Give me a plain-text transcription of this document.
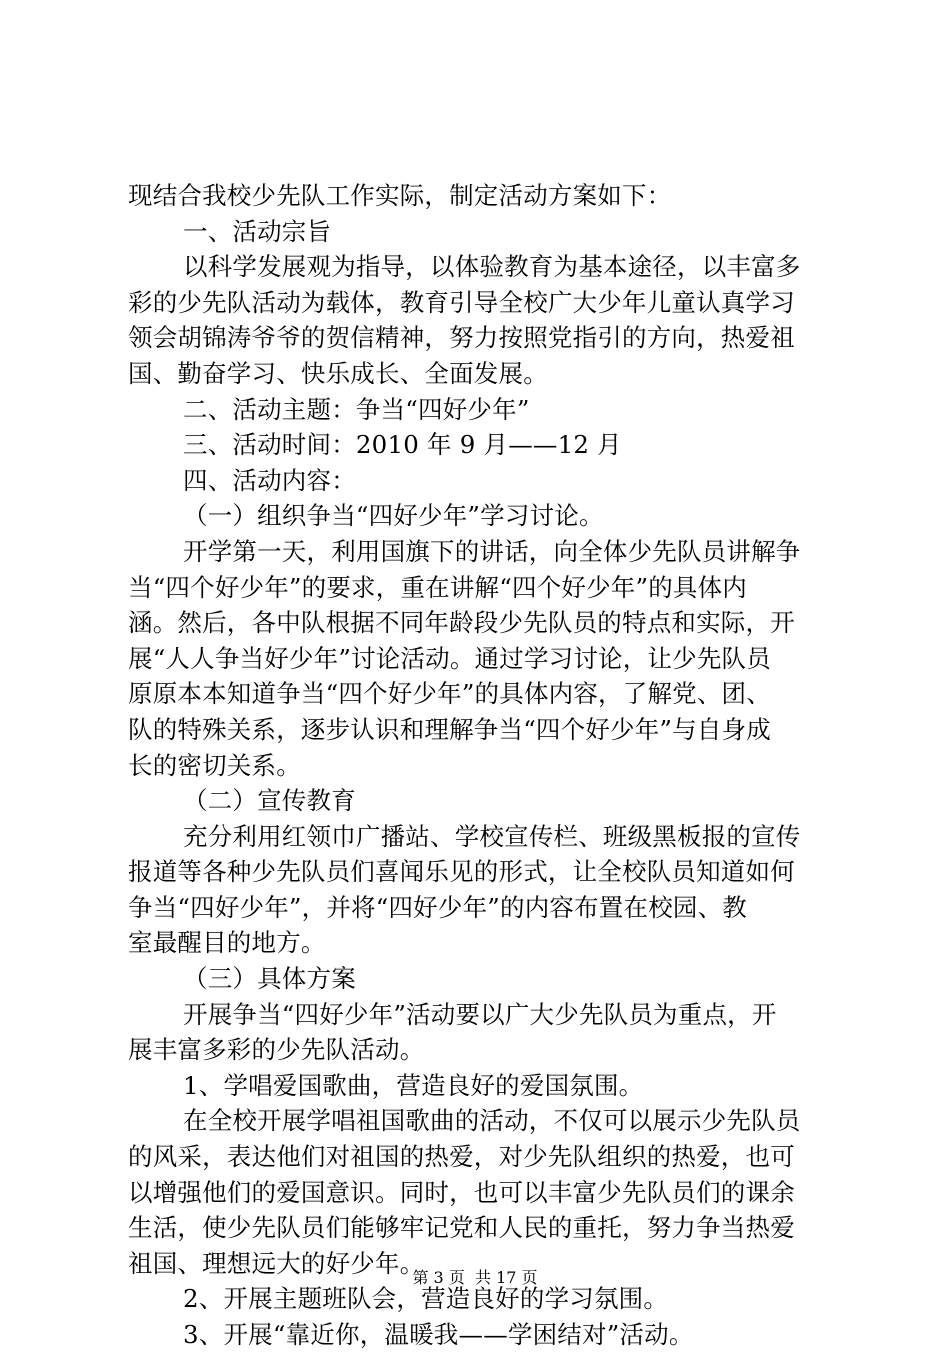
现结合我校少先队工作实际，制定活动方案如下：
一、活动宗旨
以科学发展观为指导，以体验教育为基本途径，以丰富多
彩的少先队活动为载体，教育引导全校广大少年儿童认真学习
领会胡锦涛爷爷的贺信精神，努力按照党指引的方向，热爱祖
国、勤奋学习、快乐成长、全面发展。
二、活动主题：争当“四好少年”
三、活动时间：2010 年 9 月——12 月
四、活动内容：
（一）组织争当“四好少年”学习讨论。
开学第一天，利用国旗下的讲话，向全体少先队员讲解争
当“四个好少年”的要求，重在讲解“四个好少年”的具体内
涵。然后，各中队根据不同年龄段少先队员的特点和实际，开
展“人人争当好少年”讨论活动。通过学习讨论，让少先队员
原原本本知道争当“四个好少年”的具体内容，了解党、团、
队的特殊关系，逐步认识和理解争当“四个好少年”与自身成
长的密切关系。
（二）宣传教育
充分利用红领巾广播站、学校宣传栏、班级黑板报的宣传
报道等各种少先队员们喜闻乐见的形式，让全校队员知道如何
争当“四好少年”，并将“四好少年”的内容布置在校园、教
室最醒目的地方。
（三）具体方案
开展争当“四好少年”活动要以广大少先队员为重点，开
展丰富多彩的少先队活动。
1、学唱爱国歌曲，营造良好的爱国氛围。
在全校开展学唱祖国歌曲的活动，不仅可以展示少先队员
的风采，表达他们对祖国的热爱，对少先队组织的热爱，也可
以增强他们的爱国意识。同时，也可以丰富少先队员们的课余
生活，使少先队员们能够牢记党和人民的重托，努力争当热爱
祖国、理想远大的好少年。
2、开展主题班队会，营造良好的学习氛围。
3、开展“靠近你，温暖我——学困结对”活动。
第 3 页  共 17 页
